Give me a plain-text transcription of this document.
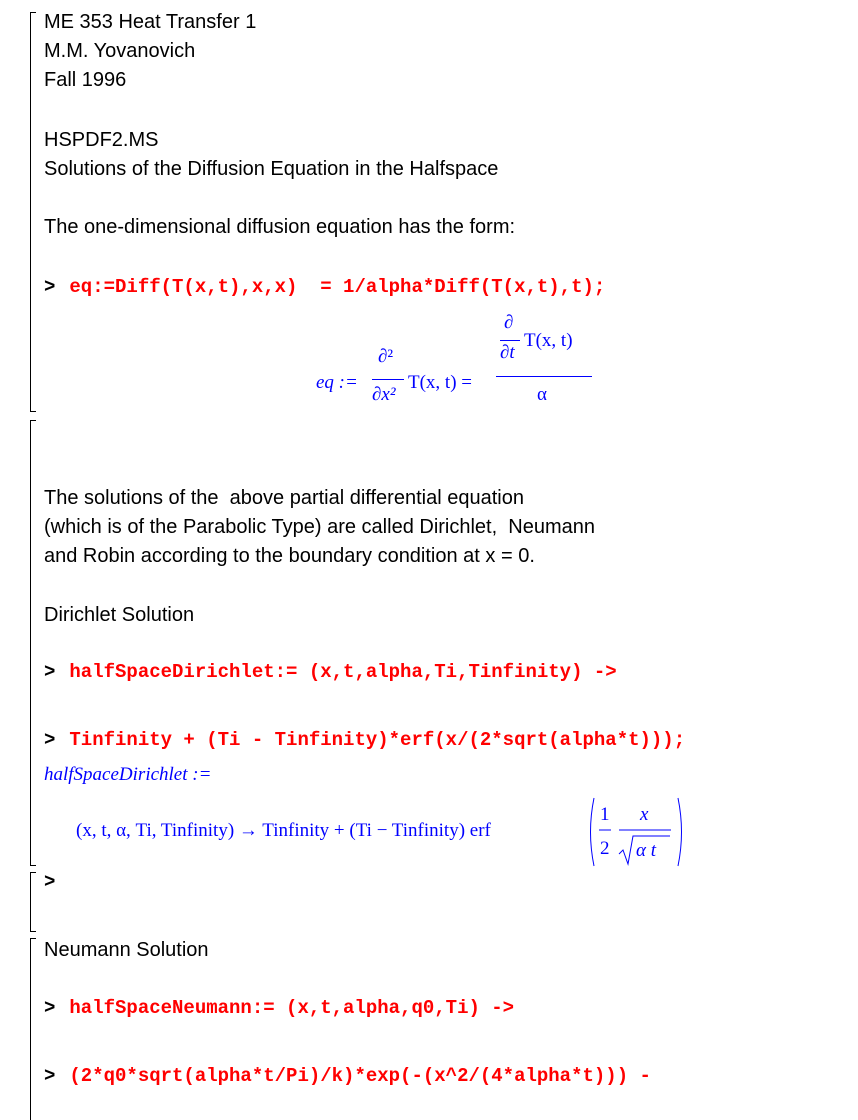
ME 353 Heat Transfer 1
M.M. Yovanovich
Fall 1996
HSPDF2.MS
Solutions of the Diffusion Equation in the Halfspace
The one-dimensional diffusion equation has the form:
> eq:=Diff(T(x,t),x,x)  = 1/alpha*Diff(T(x,t),t);
eq :=
∂²
∂x²
T(x, t) =
∂
∂t
T(x, t)
α
The solutions of the  above partial differential equation
(which is of the Parabolic Type) are called Dirichlet,  Neumann
and Robin according to the boundary condition at x = 0.
Dirichlet Solution
> halfSpaceDirichlet:= (x,t,alpha,Ti,Tinfinity) ->
> Tinfinity + (Ti - Tinfinity)*erf(x/(2*sqrt(alpha*t)));
halfSpaceDirichlet :=
(x, t, α, Ti, Tinfinity) → Tinfinity + (Ti − Tinfinity) erf
1
2
x
α t
>
Neumann Solution
> halfSpaceNeumann:= (x,t,alpha,q0,Ti) ->
> (2*q0*sqrt(alpha*t/Pi)/k)*exp(-(x^2/(4*alpha*t))) -
